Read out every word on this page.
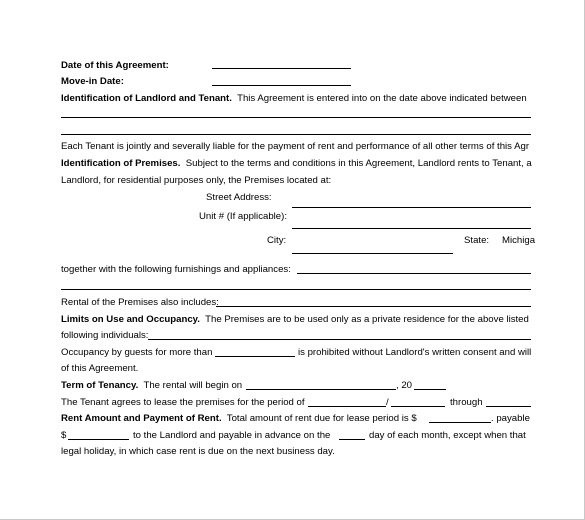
Date of this Agreement:
Move-in Date:
Identification of Landlord and Tenant. This Agreement is entered into on the date above indicated between
Each Tenant is jointly and severally liable for the payment of rent and performance of all other terms of this Agr
Identification of Premises. Subject to the terms and conditions in this Agreement, Landlord rents to Tenant, a
Landlord, for residential purposes only, the Premises located at:
Street Address:
Unit # (If applicable):
City:	State: Michiga
together with the following furnishings and appliances:
Rental of the Premises also includes:
Limits on Use and Occupancy. The Premises are to be used only as a private residence for the above listed
following individuals:
Occupancy by guests for more than	is prohibited without Landlord's written consent and will
of this Agreement.
Term of Tenancy. The rental will begin on	, 20
The Tenant agrees to lease the premises for the period of	/	through
Rent Amount and Payment of Rent. Total amount of rent due for lease period is $	. payable
$	to the Landlord and payable in advance on the	day of each month, except when that
legal holiday, in which case rent is due on the next business day.
